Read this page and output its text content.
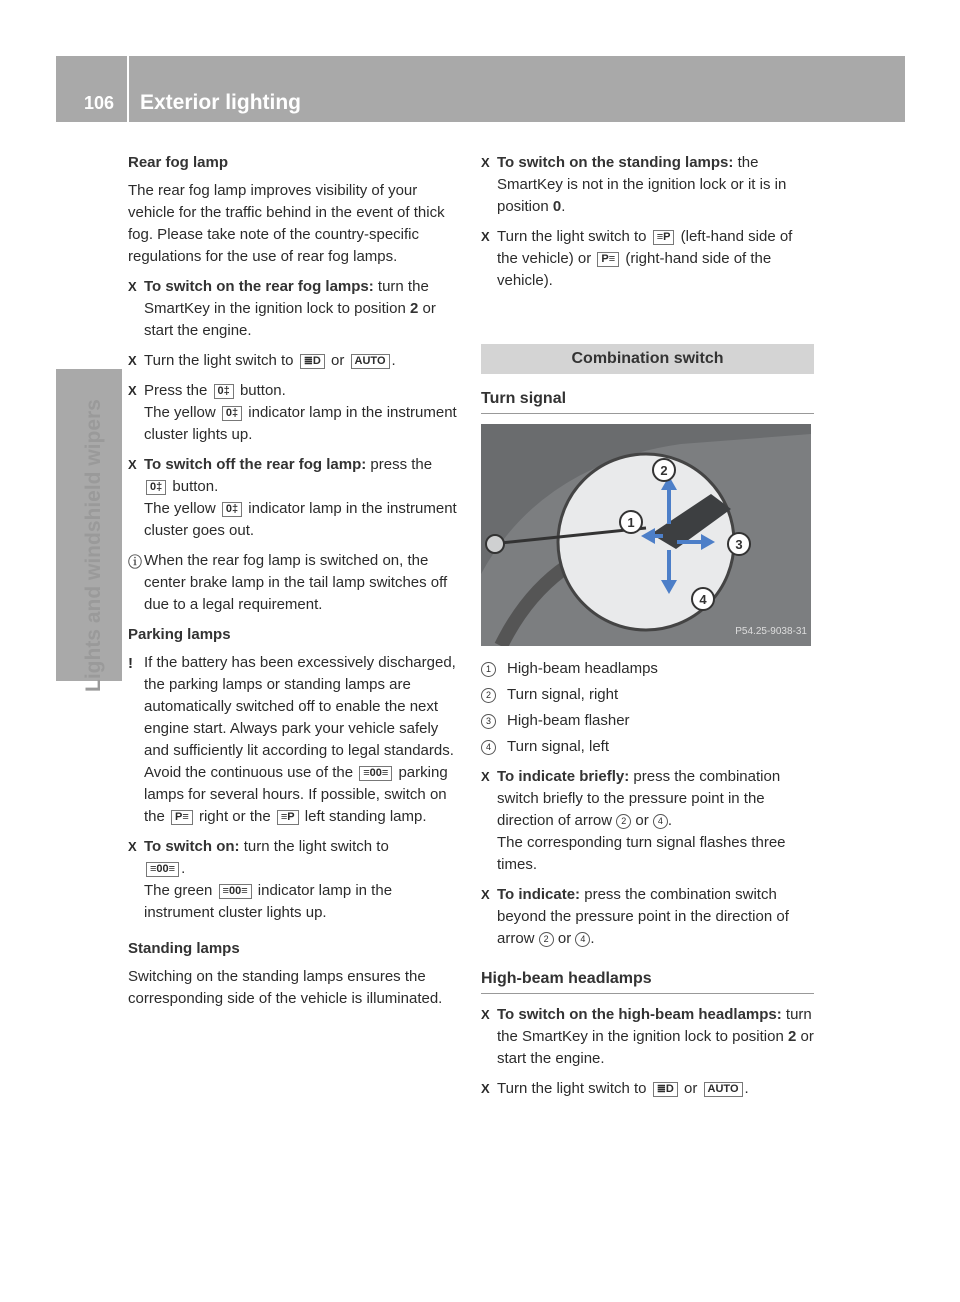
106 Exterior lighting
Lights and windshield wipers
Rear fog lamp

The rear fog lamp improves visibility of your vehicle for the traffic behind in the event of thick fog. Please take note of the country-specific regulations for the use of rear fog lamps.

X To switch on the rear fog lamps: turn the SmartKey in the ignition lock to position 2 or start the engine.
X Turn the light switch to ≣D or AUTO .
X Press the 0‡ button.
The yellow 0‡ indicator lamp in the instrument cluster lights up.
X To switch off the rear fog lamp: press the
0‡ button.
The yellow 0‡ indicator lamp in the instrument cluster goes out.
ⓘ When the rear fog lamp is switched on, the center brake lamp in the tail lamp switches off due to a legal requirement.
Parking lamps
! If the battery has been excessively discharged, the parking lamps or standing lamps are automatically switched off to enable the next engine start. Always park your vehicle safely and sufficiently lit according to legal standards. Avoid the continuous use of the ≡00≡ parking lamps for several hours. If possible, switch on the P≡ right or the ≡P left standing lamp.
X To switch on: turn the light switch to
≡00≡ .
The green ≡00≡ indicator lamp in the instrument cluster lights up.
Standing lamps

Switching on the standing lamps ensures the corresponding side of the vehicle is illuminated.

X To switch on the standing lamps: the SmartKey is not in the ignition lock or it is in position 0.
X Turn the light switch to ≡P (left-hand side of the vehicle) or P≡ (right-hand side of the vehicle).
Combination switch
Turn signal
2
1
3
4
P54.25-9038-31
1	High-beam headlamps
2	Turn signal, right
3	High-beam flasher
4	Turn signal, left
X To indicate briefly: press the combination switch briefly to the pressure point in the direction of arrow 2 or 4 .
The corresponding turn signal flashes three times.
X To indicate: press the combination switch beyond the pressure point in the direction of arrow 2 or 4 .
High-beam headlamps
X To switch on the high-beam headlamps: turn the SmartKey in the ignition lock to position 2 or start the engine.
X Turn the light switch to ≣D or AUTO .
